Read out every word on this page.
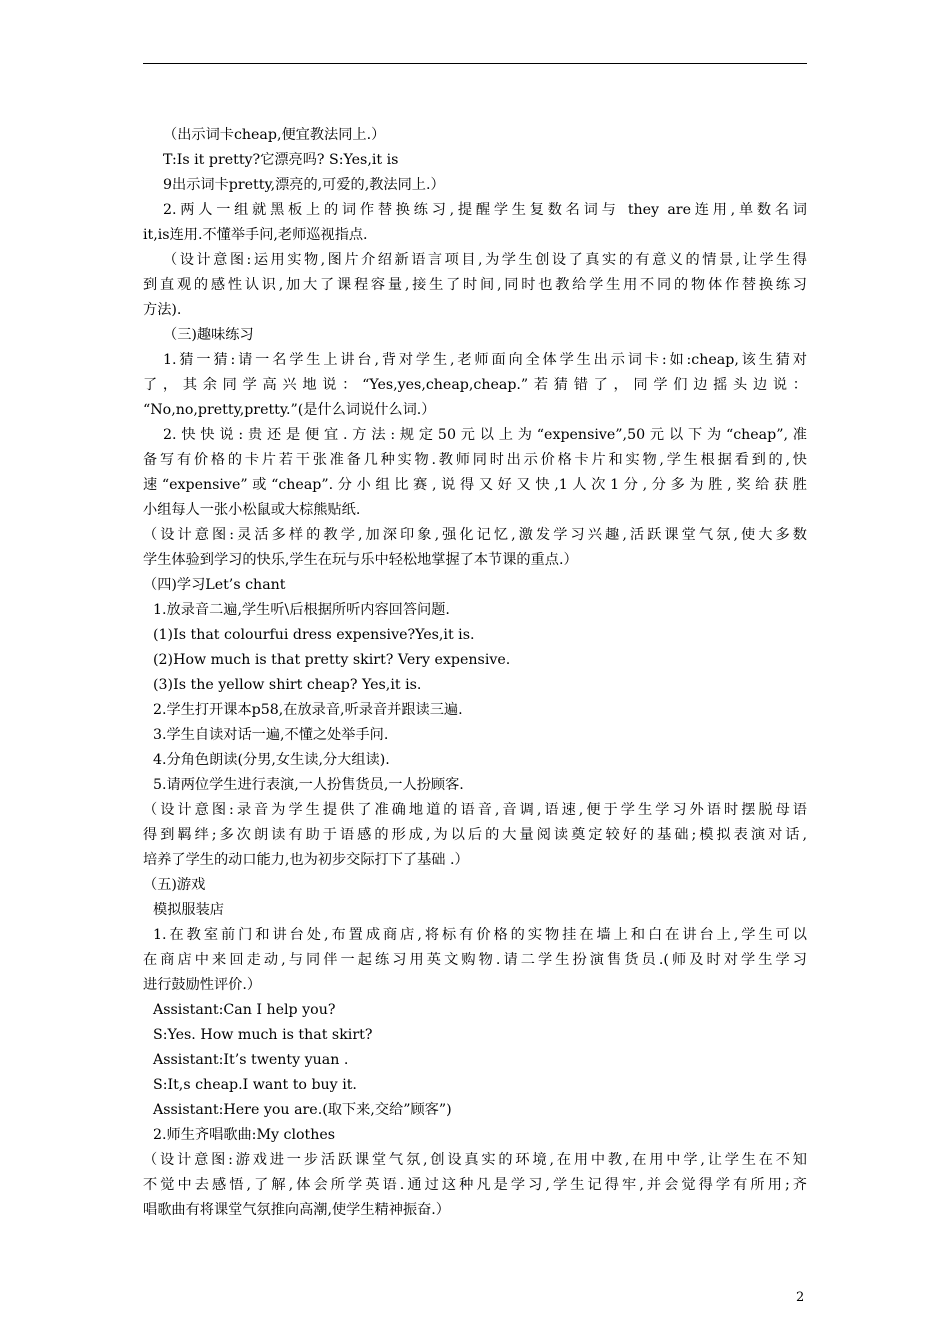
（出示词卡cheap,便宜教法同上.）
T:Is it pretty?它漂亮吗? S:Yes,it is
9出示词卡pretty,漂亮的,可爱的,教法同上.）
2.两人一组就黑板上的词作替换练习,提醒学生复数名词与 they are连用,单数名词
it,is连用.不懂举手问,老师巡视指点.
（设计意图:运用实物,图片介绍新语言项目,为学生创设了真实的有意义的情景,让学生得
到直观的感性认识,加大了课程容量,接生了时间,同时也教给学生用不同的物体作替换练习
方法).
（三)趣味练习
1.猜一猜:请一名学生上讲台,背对学生,老师面向全体学生出示词卡:如:cheap,该生猜对
了，其余同学高兴地说：“Yes,yes,cheap,cheap.”若猜错了，同学们边摇头边说：
“No,no,pretty,pretty.”(是什么词说什么词.）
2.快快说:贵还是便宜.方法:规定50元以上为“expensive”,50元以下为“cheap”,准
备写有价格的卡片若干张准备几种实物.教师同时出示价格卡片和实物,学生根据看到的,快
速“expensive”或“cheap”.分小组比赛,说得又好又快,1人次1分,分多为胜,奖给获胜
小组每人一张小松鼠或大棕熊贴纸.
（设计意图:灵活多样的教学,加深印象,强化记忆,激发学习兴趣,活跃课堂气氛,使大多数
学生体验到学习的快乐,学生在玩与乐中轻松地掌握了本节课的重点.）
（四)学习Let’s chant
1.放录音二遍,学生听\后根据所听内容回答问题.
(1)Is that colourfui dress expensive?Yes,it is.
(2)How much is that pretty skirt? Very expensive.
(3)Is the yellow shirt cheap? Yes,it is.
2.学生打开课本p58,在放录音,听录音并跟读三遍.
3.学生自读对话一遍,不懂之处举手问.
4.分角色朗读(分男,女生读,分大组读).
5.请两位学生进行表演,一人扮售货员,一人扮顾客.
（设计意图:录音为学生提供了准确地道的语音,音调,语速,便于学生学习外语时摆脱母语
得到羁绊;多次朗读有助于语感的形成,为以后的大量阅读奠定较好的基础;模拟表演对话,
培养了学生的动口能力,也为初步交际打下了基础 .）
（五)游戏
模拟服装店
1.在教室前门和讲台处,布置成商店,将标有价格的实物挂在墙上和白在讲台上,学生可以
在商店中来回走动,与同伴一起练习用英文购物.请二学生扮演售货员.(师及时对学生学习
进行鼓励性评价.）
Assistant:Can I help you?
S:Yes. How much is that skirt?
Assistant:It’s twenty yuan .
S:It,s cheap.I want to buy it.
Assistant:Here you are.(取下来,交给”顾客”)
2.师生齐唱歌曲:My clothes
（设计意图:游戏进一步活跃课堂气氛,创设真实的环境,在用中教,在用中学,让学生在不知
不觉中去感悟,了解,体会所学英语.通过这种凡是学习,学生记得牢,并会觉得学有所用;齐
唱歌曲有将课堂气氛推向高潮,使学生精神振奋.）
2
